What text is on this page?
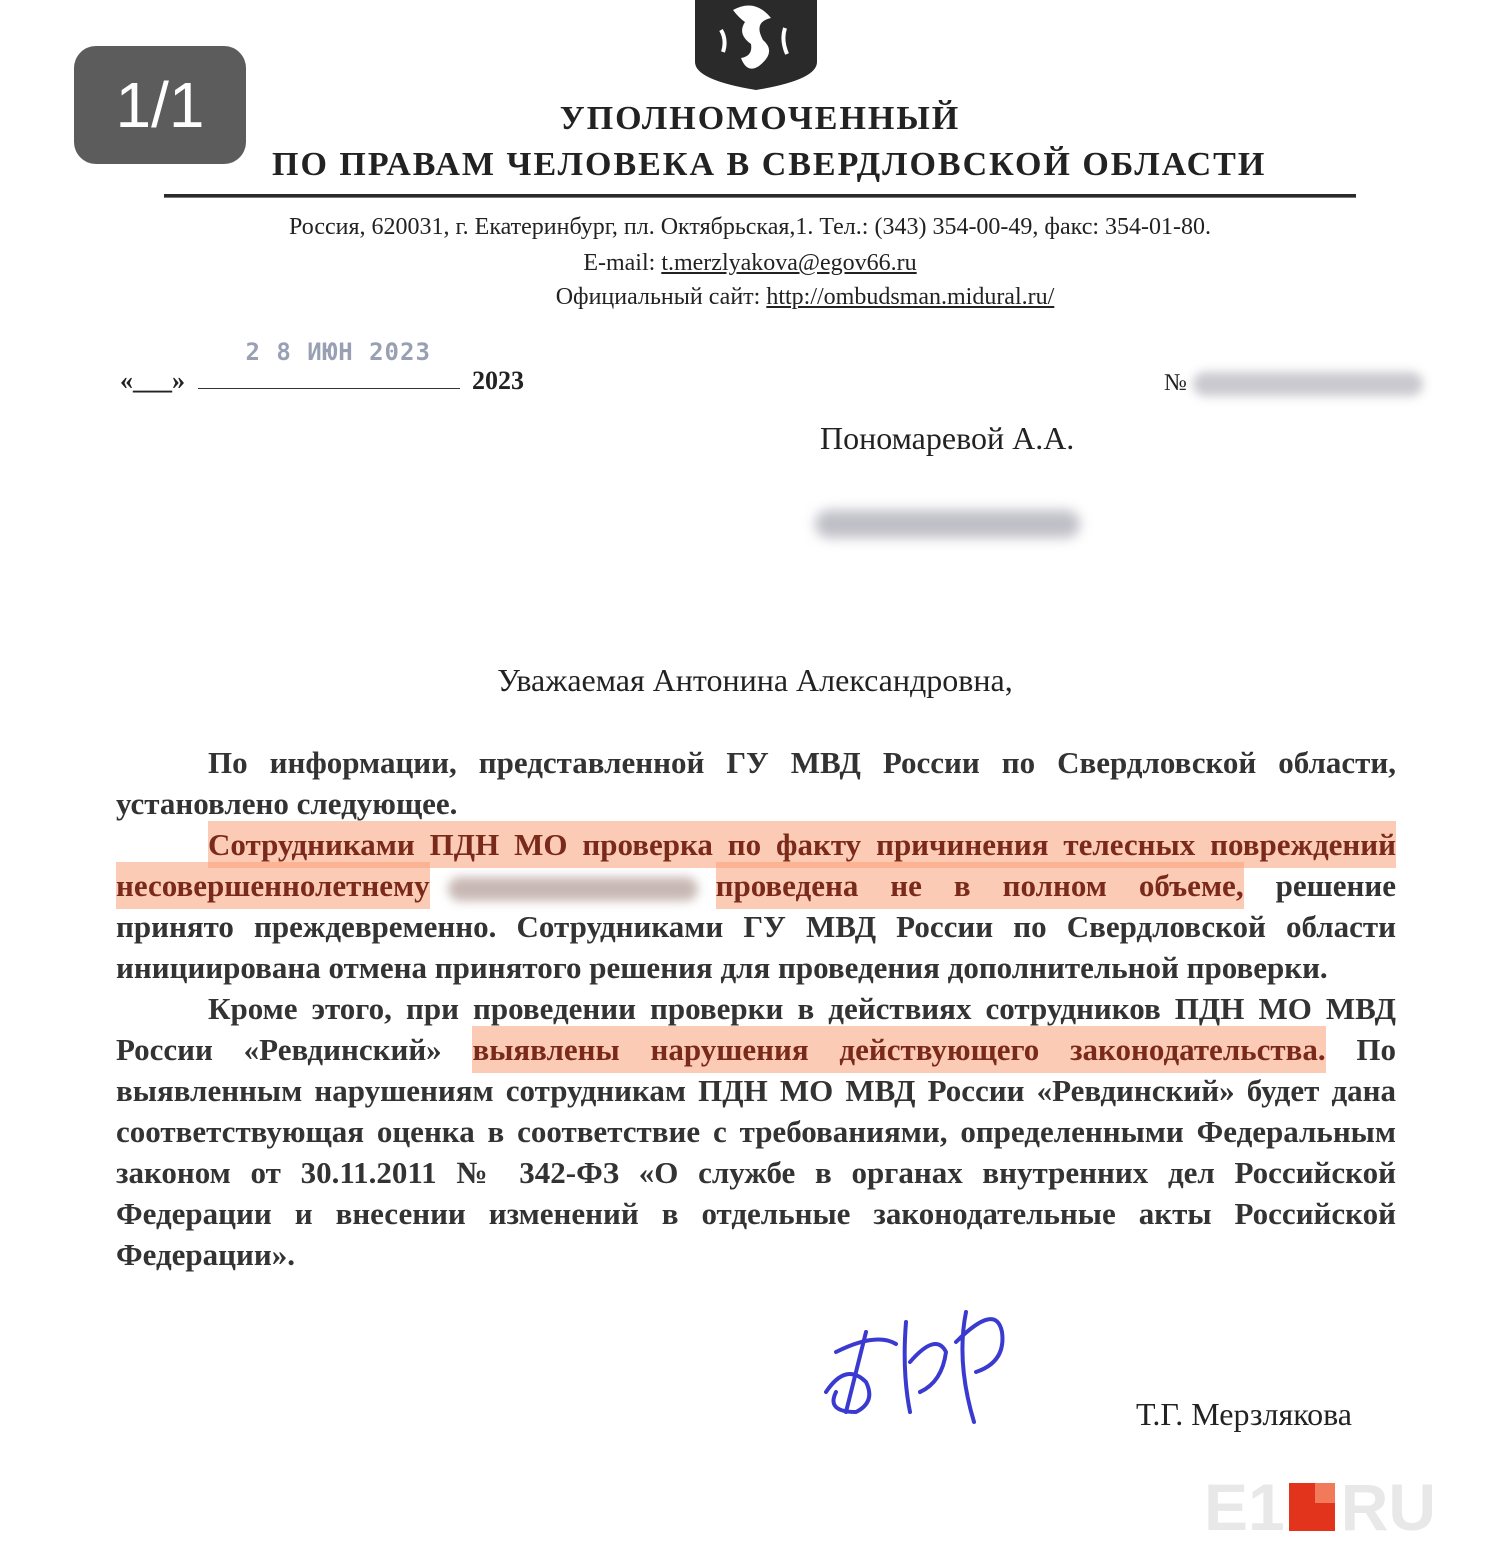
1/1	УПОЛНОМОЧЕННЫЙ
ПО ПРАВАМ ЧЕЛОВЕКА В СВЕРДЛОВСКОЙ ОБЛАСТИ
Россия, 620031, г. Екатеринбург, пл. Октябрьская,1. Тел.: (343) 354-00-49, факс: 354-01-80.
E-mail: t.merzlyakova@egov66.ru
Официальный сайт: http://ombudsman.midural.ru/
«___»
2 8 ИЮН 2023
2023	№
Пономаревой А.А.
Уважаемая Антонина Александровна,

По информации, представленной ГУ МВД России по Свердловской области, установлено следующее.

Сотрудниками ПДН МО проверка по факту причинения телесных повреждений несовершеннолетнему	проведена не в полном объеме, решение принято преждевременно. Сотрудниками ГУ МВД России по Свердловской области инициирована отмена принятого решения для проведения дополнительной проверки.

Кроме этого, при проведении проверки в действиях сотрудников ПДН МО МВД России «Ревдинский» выявлены нарушения действующего законодательства. По выявленным нарушениям сотрудникам ПДН МО МВД России «Ревдинский» будет дана соответствующая оценка в соответствие с требованиями, определенными Федеральным законом от 30.11.2011 № 342-ФЗ «О службе в органах внутренних дел Российской Федерации и внесении изменений в отдельные законодательные акты Российской Федерации».

Т.Г. Мерзлякова
E1 RU
